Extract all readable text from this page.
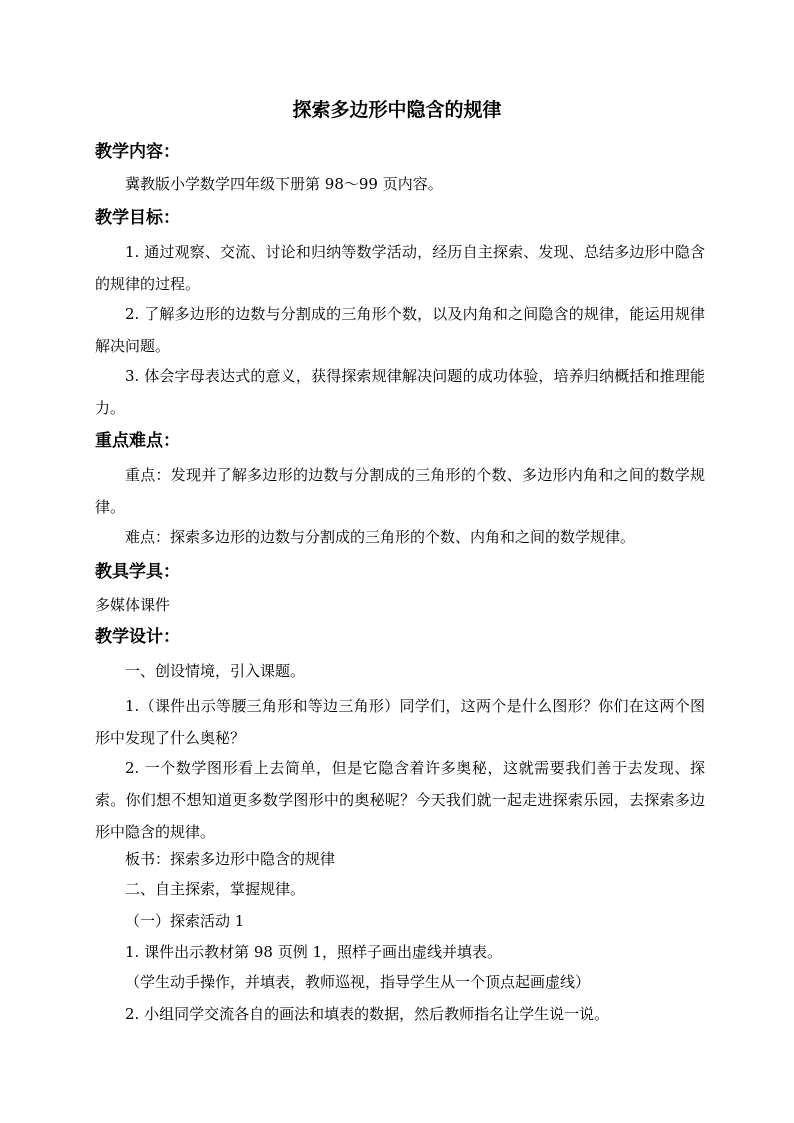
探索多边形中隐含的规律
教学内容：
冀教版小学数学四年级下册第 98～99 页内容。
教学目标：
1. 通过观察、交流、讨论和归纳等数学活动，经历自主探索、发现、总结多边形中隐含的规律的过程。
2. 了解多边形的边数与分割成的三角形个数，以及内角和之间隐含的规律，能运用规律解决问题。
3. 体会字母表达式的意义，获得探索规律解决问题的成功体验，培养归纳概括和推理能力。
重点难点：
重点：发现并了解多边形的边数与分割成的三角形的个数、多边形内角和之间的数学规律。
难点：探索多边形的边数与分割成的三角形的个数、内角和之间的数学规律。
教具学具：
多媒体课件
教学设计：
一、创设情境，引入课题。
1.（课件出示等腰三角形和等边三角形）同学们，这两个是什么图形？你们在这两个图形中发现了什么奥秘？
2. 一个数学图形看上去简单，但是它隐含着许多奥秘，这就需要我们善于去发现、探索。你们想不想知道更多数学图形中的奥秘呢？今天我们就一起走进探索乐园，去探索多边形中隐含的规律。
板书：探索多边形中隐含的规律
二、自主探索，掌握规律。
（一）探索活动 1
1. 课件出示教材第 98 页例 1，照样子画出虚线并填表。
（学生动手操作，并填表，教师巡视，指导学生从一个顶点起画虚线）
2. 小组同学交流各自的画法和填表的数据，然后教师指名让学生说一说。
